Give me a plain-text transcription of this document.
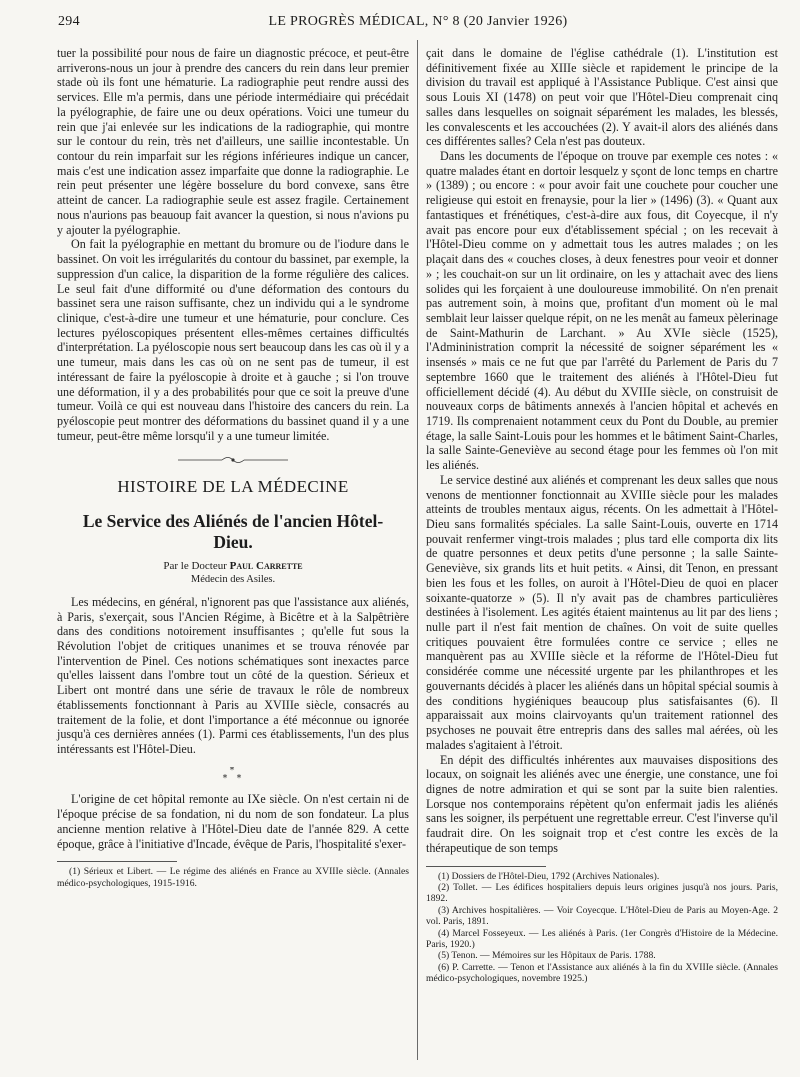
294	LE PROGRÈS MÉDICAL, N° 8 (20 Janvier 1926)

tuer la possibilité pour nous de faire un diagnostic précoce, et peut-être arriverons-nous un jour à prendre des cancers du rein dans leur premier stade où ils font une hématurie. La radiographie peut rendre aussi des services. Elle m'a permis, dans une période intermédiaire qui précédait la pyélographie, de faire une ou deux opérations. Voici une tumeur du rein que j'ai enlevée sur les indications de la radiographie, qui montre sur le contour du rein, très net d'ailleurs, une saillie incontestable. Un contour du rein imparfait sur les régions inférieures indique un cancer, mais c'est une indication assez imparfaite que donne la radiographie. Le rein peut présenter une légère bosselure du bord convexe, sans être atteint de cancer. La radiographie seule est assez fragile. Certainement nous n'aurions pas beauoup fait avancer la question, si nous n'avions pu y ajouter la pyélographie.

On fait la pyélographie en mettant du bromure ou de l'iodure dans le bassinet. On voit les irrégularités du contour du bassinet, par exemple, la suppression d'un calice, la disparition de la forme régulière des calices. Le seul fait d'une difformité ou d'une déformation des contours du bassinet sera une raison suffisante, chez un individu qui a le syndrome clinique, c'est-à-dire une tumeur et une hématurie, pour conclure. Ces lectures pyéloscopiques présentent elles-mêmes certaines difficultés d'interprétation. La pyéloscopie nous sert beaucoup dans les cas où il y a une tumeur, mais dans les cas où on ne sent pas de tumeur, il est intéressant de faire la pyéloscopie à droite et à gauche ; si l'on trouve une déformation, il y a des probabilités pour que ce soit la preuve d'une tumeur. Voilà ce qui est nouveau dans l'histoire des cancers du rein. La pyéloscopie peut montrer des déformations du bassinet quand il y a une tumeur, peut-être même lorsqu'il y a une tumeur limitée.

HISTOIRE DE LA MÉDECINE
Le Service des Aliénés de l'ancien Hôtel-Dieu.
Par le Docteur Paul Carrette
Médecin des Asiles.

Les médecins, en général, n'ignorent pas que l'assistance aux aliénés, à Paris, s'exerçait, sous l'Ancien Régime, à Bicêtre et à la Salpêtrière dans des conditions notoirement insuffisantes ; qu'elle fut sous la Révolution l'objet de critiques unanimes et se trouva rénovée par l'intervention de Pinel. Ces notions schématiques sont inexactes parce qu'elles laissent dans l'ombre tout un côté de la question. Sérieux et Libert ont montré dans une série de travaux le rôle de nombreux établissements fonctionnant à Paris au XVIIIe siècle, consacrés au traitement de la folie, et dont l'importance a été méconnue ou ignorée jusqu'à ces dernières années (1). Parmi ces établissements, l'un des plus intéressants est l'Hôtel-Dieu.

*
* *

L'origine de cet hôpital remonte au IXe siècle. On n'est certain ni de l'époque précise de sa fondation, ni du nom de son fondateur. La plus ancienne mention relative à l'Hôtel-Dieu date de l'année 829. A cette époque, grâce à l'initiative d'Incade, évêque de Paris, l'hospitalité s'exer-

(1) Sérieux et Libert. — Le régime des aliénés en France au XVIIIe siècle. (Annales médico-psychologiques, 1915-1916.

çait dans le domaine de l'église cathédrale (1). L'institution est définitivement fixée au XIIIe siècle et rapidement le principe de la division du travail est appliqué à l'Assistance Publique. C'est ainsi que sous Louis XI (1478) on peut voir que l'Hôtel-Dieu comprenait cinq salles dans lesquelles on soignait séparément les malades, les blessés, les convalescents et les accouchées (2). Y avait-il alors des aliénés dans ces différentes salles? Cela n'est pas douteux.

Dans les documents de l'époque on trouve par exemple ces notes : « quatre malades étant en dortoir lesquelz y sçont de lonc temps en chartre » (1389) ; ou encore : « pour avoir fait une couchete pour coucher une religieuse qui estoit en frenaysie, pour la lier » (1496) (3). « Quant aux fantastiques et frénétiques, c'est-à-dire aux fous, dit Coyecque, il n'y avait pas encore pour eux d'établissement spécial ; on les recevait à l'Hôtel-Dieu comme on y admettait tous les autres malades ; on les plaçait dans des « couches closes, à deux fenestres pour veoir et donner » ; les couchait-on sur un lit ordinaire, on les y attachait avec des liens solides qui les forçaient à une douloureuse immobilité. On n'en prenait pas autrement soin, à moins que, profitant d'un moment où le mal semblait leur laisser quelque répit, on ne les menât au fameux pèlerinage de Saint-Mathurin de Larchant. » Au XVIe siècle (1525), l'Admininistration comprit la nécessité de soigner séparément les « insensés » mais ce ne fut que par l'arrêté du Parlement de Paris du 7 septembre 1660 que le traitement des aliénés à l'Hôtel-Dieu fut officiellement décidé (4). Au début du XVIIIe siècle, on construisit de nouveaux corps de bâtiments annexés à l'ancien hôpital et achevés en 1719. Ils comprenaient notamment ceux du Pont du Double, au premier étage, la salle Saint-Louis pour les hommes et le bâtiment Saint-Charles, la salle Sainte-Geneviève au second étage pour les femmes où l'on mit les aliénés.

Le service destiné aux aliénés et comprenant les deux salles que nous venons de mentionner fonctionnait au XVIIIe siècle pour les malades atteints de troubles mentaux aigus, récents. On les admettait à l'Hôtel-Dieu sans formalités spéciales. La salle Saint-Louis, ouverte en 1714 pouvait renfermer vingt-trois malades ; plus tard elle comporta dix lits de quatre personnes et deux petits d'une personne ; la salle Sainte-Geneviève, six grands lits et huit petits. « Ainsi, dit Tenon, en pressant bien les fous et les folles, on auroit à l'Hôtel-Dieu de quoi en placer soixante-quatorze » (5). Il n'y avait pas de chambres particulières destinées à l'isolement. Les agités étaient maintenus au lit par des liens ; nulle part il n'est fait mention de chaînes. On voit de suite quelles critiques pouvaient être formulées contre ce service ; elles ne manquèrent pas au XVIIIe siècle et la réforme de l'Hôtel-Dieu fut considérée comme une nécessité urgente par les philanthropes et les gouvernants décidés à placer les aliénés dans un hôpital spécial soumis à des conditions hygiéniques beaucoup plus satisfaisantes (6). Il apparaissait aux moins clairvoyants qu'un traitement rationnel des psychoses ne pouvait être entrepris dans des salles mal aérées, où les malades s'agitaient à l'étroit.

En dépit des difficultés inhérentes aux mauvaises dispositions des locaux, on soignait les aliénés avec une énergie, une constance, une foi dignes de notre admiration et qui se sont par la suite bien ralenties. Lorsque nos contemporains répètent qu'on enfermait jadis les aliénés sans les soigner, ils perpétuent une regrettable erreur. C'est l'inverse qu'il faudrait dire. On les soignait trop et c'est contre les excès de la thérapeutique de son temps

(1) Dossiers de l'Hôtel-Dieu, 1792 (Archives Nationales).

(2) Tollet. — Les édifices hospitaliers depuis leurs origines jusqu'à nos jours. Paris, 1892.

(3) Archives hospitalières. — Voir Coyecque. L'Hôtel-Dieu de Paris au Moyen-Age. 2 vol. Paris, 1891.

(4) Marcel Fosseyeux. — Les aliénés à Paris. (1er Congrès d'Histoire de la Médecine. Paris, 1920.)

(5) Tenon. — Mémoires sur les Hôpitaux de Paris. 1788.

(6) P. Carrette. — Tenon et l'Assistance aux aliénés à la fin du XVIIIe siècle. (Annales médico-psychologiques, novembre 1925.)
